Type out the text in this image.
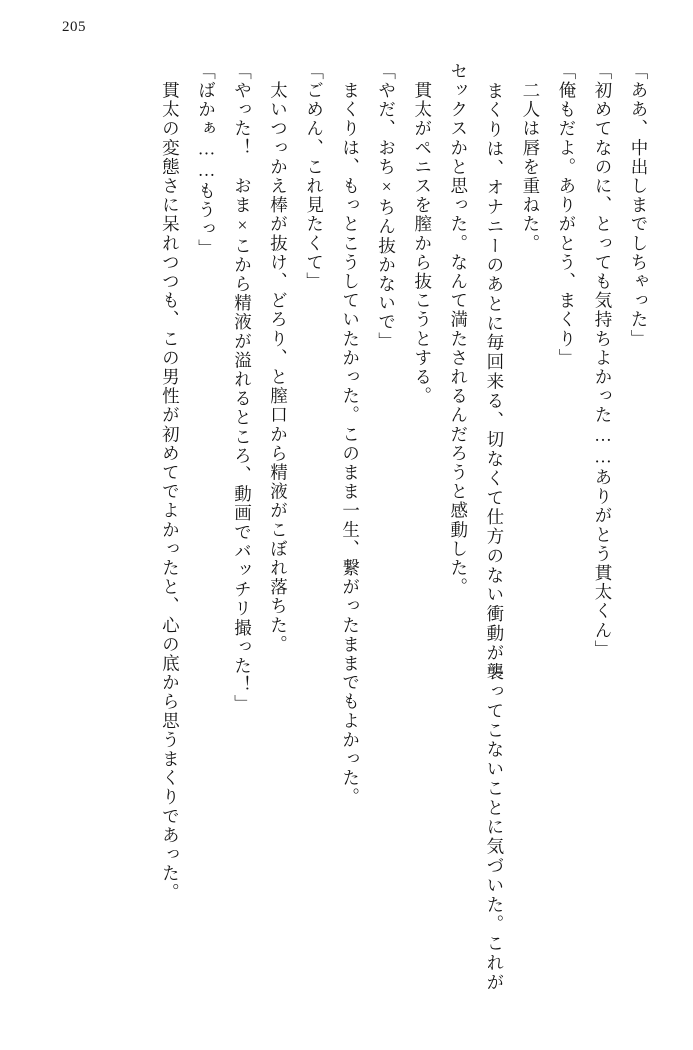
205

「ああ、中出しまでしちゃった」

「初めてなのに、とっても気持ちよかった……ありがとう貫太くん」

「俺もだよ。ありがとう、まくり」

　二人は唇を重ねた。

　まくりは、オナニーのあとに毎回来る、切なくて仕方のない衝動が襲ってこないことに気づいた。これがセックスかと思った。なんて満たされるんだろうと感動した。

　貫太がペニスを膣から抜こうとする。

「やだ、おち×ちん抜かないで」

　まくりは、もっとこうしていたかった。このまま一生、繋がったままでもよかった。

「ごめん、これ見たくて」

　太いつっかえ棒が抜け、どろり、と膣口から精液がこぼれ落ちた。

「やった！　おま×こから精液が溢れるところ、動画でバッチリ撮った！」

「ばかぁ……もうっ」

　貫太の変態さに呆れつつも、この男性が初めてでよかったと、心の底から思うまくりであった。
